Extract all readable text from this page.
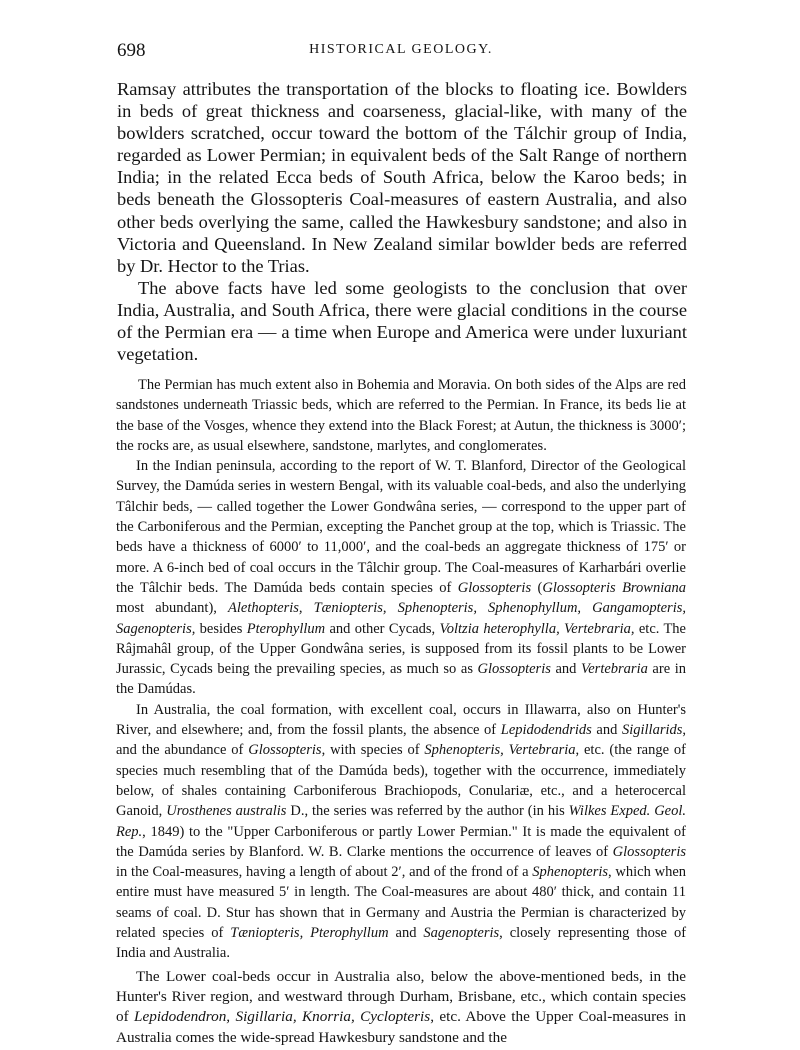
698	HISTORICAL GEOLOGY.

Ramsay attributes the transportation of the blocks to floating ice. Bowlders in beds of great thickness and coarseness, glacial-like, with many of the bowlders scratched, occur toward the bottom of the Tálchir group of India, regarded as Lower Permian; in equivalent beds of the Salt Range of northern India; in the related Ecca beds of South Africa, below the Karoo beds; in beds beneath the Glossopteris Coal-measures of eastern Australia, and also other beds overlying the same, called the Hawkesbury sandstone; and also in Victoria and Queensland. In New Zealand similar bowlder beds are referred by Dr. Hector to the Trias.

The above facts have led some geologists to the conclusion that over India, Australia, and South Africa, there were glacial conditions in the course of the Permian era — a time when Europe and America were under luxuriant vegetation.

The Permian has much extent also in Bohemia and Moravia. On both sides of the Alps are red sandstones underneath Triassic beds, which are referred to the Permian. In France, its beds lie at the base of the Vosges, whence they extend into the Black Forest; at Autun, the thickness is 3000′; the rocks are, as usual elsewhere, sandstone, marlytes, and conglomerates.

In the Indian peninsula, according to the report of W. T. Blanford, Director of the Geological Survey, the Damúda series in western Bengal, with its valuable coal-beds, and also the underlying Tâlchir beds, — called together the Lower Gondwâna series, — correspond to the upper part of the Carboniferous and the Permian, excepting the Panchet group at the top, which is Triassic. The beds have a thickness of 6000′ to 11,000′, and the coal-beds an aggregate thickness of 175′ or more. A 6-inch bed of coal occurs in the Tâlchir group. The Coal-measures of Karharbári overlie the Tâlchir beds. The Damúda beds contain species of Glossopteris (Glossopteris Browniana most abundant), Alethopteris, Tæniopteris, Sphenopteris, Sphenophyllum, Gangamopteris, Sagenopteris, besides Pterophyllum and other Cycads, Voltzia heterophylla, Vertebraria, etc. The Râjmahâl group, of the Upper Gondwâna series, is supposed from its fossil plants to be Lower Jurassic, Cycads being the prevailing species, as much so as Glossopteris and Vertebraria are in the Damúdas.

In Australia, the coal formation, with excellent coal, occurs in Illawarra, also on Hunter's River, and elsewhere; and, from the fossil plants, the absence of Lepidodendrids and Sigillarids, and the abundance of Glossopteris, with species of Sphenopteris, Vertebraria, etc. (the range of species much resembling that of the Damúda beds), together with the occurrence, immediately below, of shales containing Carboniferous Brachiopods, Conulariæ, etc., and a heterocercal Ganoid, Urosthenes australis D., the series was referred by the author (in his Wilkes Exped. Geol. Rep., 1849) to the "Upper Carboniferous or partly Lower Permian." It is made the equivalent of the Damúda series by Blanford. W. B. Clarke mentions the occurrence of leaves of Glossopteris in the Coal-measures, having a length of about 2′, and of the frond of a Sphenopteris, which when entire must have measured 5′ in length. The Coal-measures are about 480′ thick, and contain 11 seams of coal. D. Stur has shown that in Germany and Austria the Permian is characterized by related species of Tæniopteris, Pterophyllum and Sagenopteris, closely representing those of India and Australia.

The Lower coal-beds occur in Australia also, below the above-mentioned beds, in the Hunter's River region, and westward through Durham, Brisbane, etc., which contain species of Lepidodendron, Sigillaria, Knorria, Cyclopteris, etc. Above the Upper Coal-measures in Australia comes the wide-spread Hawkesbury sandstone and the
